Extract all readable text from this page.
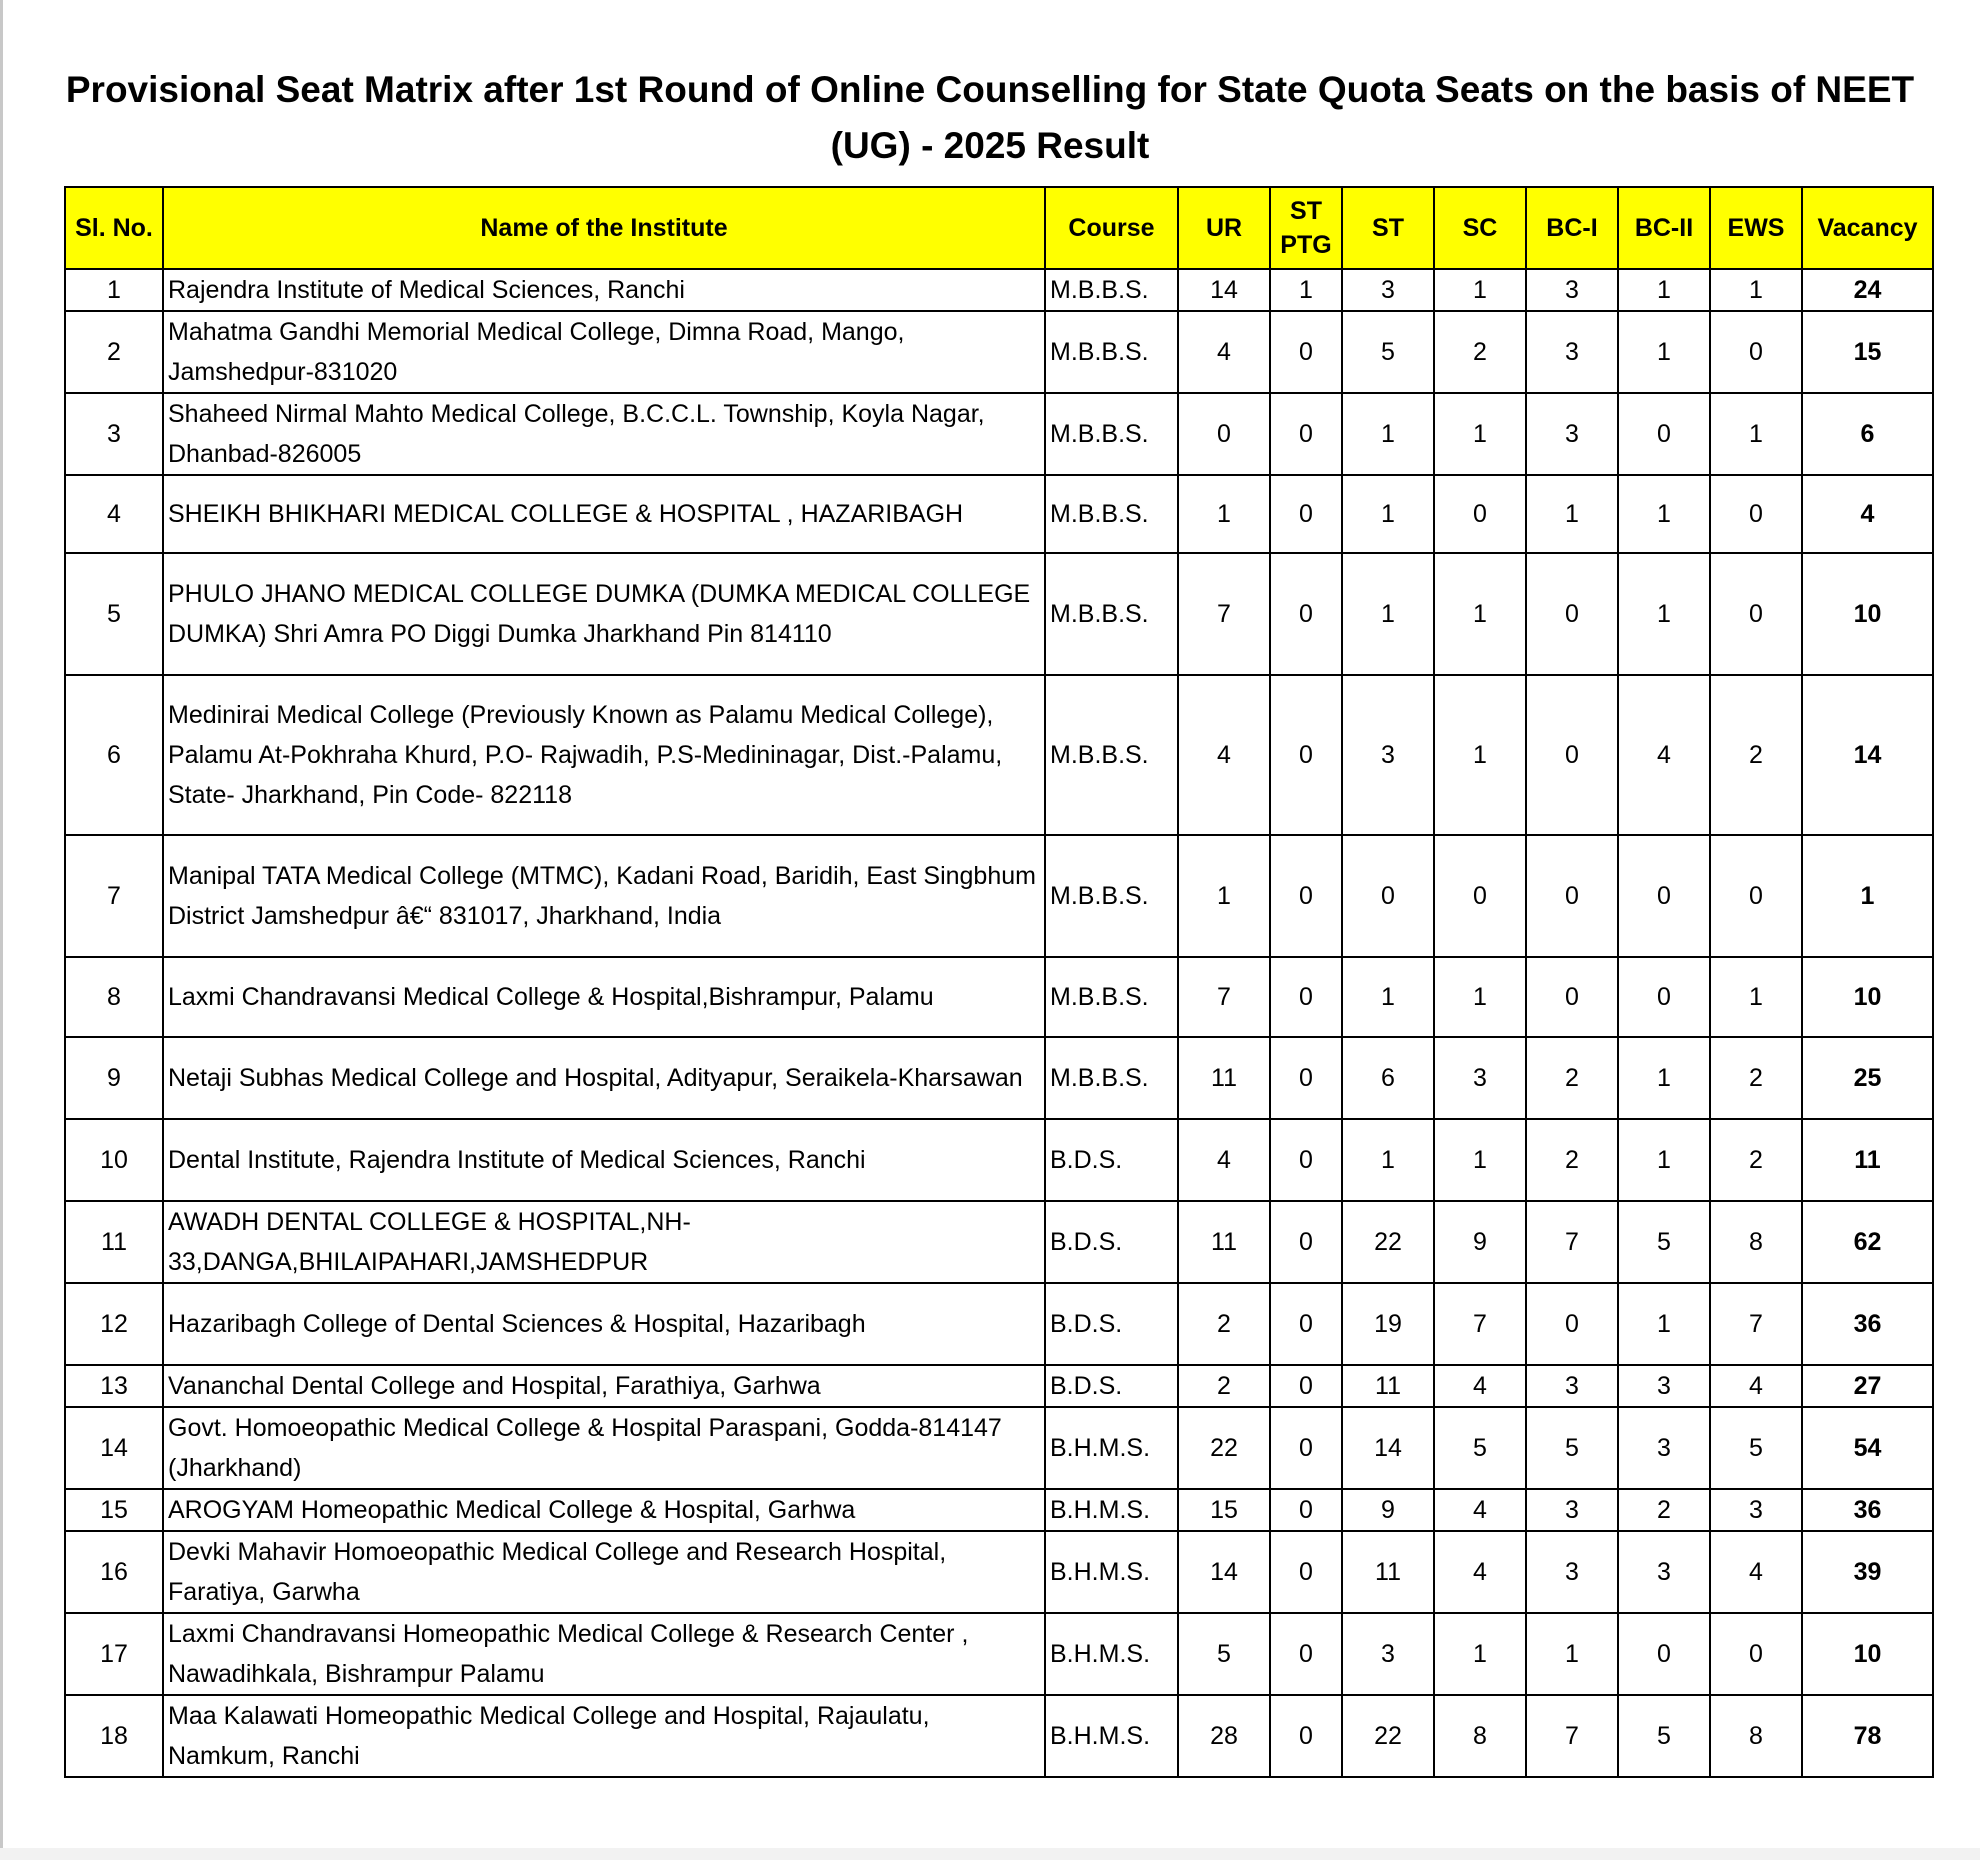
Provisional Seat Matrix after 1st Round of Online Counselling for State Quota Seats on the basis of NEET (UG) - 2025 Result
Sl. No.	Name of the Institute	Course	UR	ST PTG	ST	SC	BC-I	BC-II	EWS	Vacancy
1	Rajendra Institute of Medical Sciences, Ranchi	M.B.B.S.	14	1	3	1	3	1	1	24
2	Mahatma Gandhi Memorial Medical College, Dimna Road, Mango, Jamshedpur-831020	M.B.B.S.	4	0	5	2	3	1	0	15
3	Shaheed Nirmal Mahto Medical College, B.C.C.L. Township, Koyla Nagar, Dhanbad-826005	M.B.B.S.	0	0	1	1	3	0	1	6
4	SHEIKH BHIKHARI MEDICAL COLLEGE & HOSPITAL , HAZARIBAGH	M.B.B.S.	1	0	1	0	1	1	0	4
5	PHULO JHANO MEDICAL COLLEGE DUMKA (DUMKA MEDICAL COLLEGE DUMKA) Shri Amra PO Diggi Dumka Jharkhand Pin 814110	M.B.B.S.	7	0	1	1	0	1	0	10
6	Medinirai Medical College (Previously Known as Palamu Medical College), Palamu At-Pokhraha Khurd, P.O- Rajwadih, P.S-Medininagar, Dist.-Palamu, State- Jharkhand, Pin Code- 822118	M.B.B.S.	4	0	3	1	0	4	2	14
7	Manipal TATA Medical College (MTMC), Kadani Road, Baridih, East Singbhum District Jamshedpur â€“ 831017, Jharkhand, India	M.B.B.S.	1	0	0	0	0	0	0	1
8	Laxmi Chandravansi Medical College & Hospital,Bishrampur, Palamu	M.B.B.S.	7	0	1	1	0	0	1	10
9	Netaji Subhas Medical College and Hospital, Adityapur, Seraikela-Kharsawan	M.B.B.S.	11	0	6	3	2	1	2	25
10	Dental Institute, Rajendra Institute of Medical Sciences, Ranchi	B.D.S.	4	0	1	1	2	1	2	11
11	AWADH DENTAL COLLEGE & HOSPITAL,NH-33,DANGA,BHILAIPAHARI,JAMSHEDPUR	B.D.S.	11	0	22	9	7	5	8	62
12	Hazaribagh College of Dental Sciences & Hospital, Hazaribagh	B.D.S.	2	0	19	7	0	1	7	36
13	Vananchal Dental College and Hospital, Farathiya, Garhwa	B.D.S.	2	0	11	4	3	3	4	27
14	Govt. Homoeopathic Medical College & Hospital Paraspani, Godda-814147 (Jharkhand)	B.H.M.S.	22	0	14	5	5	3	5	54
15	AROGYAM Homeopathic Medical College & Hospital, Garhwa	B.H.M.S.	15	0	9	4	3	2	3	36
16	Devki Mahavir Homoeopathic Medical College and Research Hospital, Faratiya, Garwha	B.H.M.S.	14	0	11	4	3	3	4	39
17	Laxmi Chandravansi Homeopathic Medical College & Research Center , Nawadihkala, Bishrampur Palamu	B.H.M.S.	5	0	3	1	1	0	0	10
18	Maa Kalawati Homeopathic Medical College and Hospital, Rajaulatu, Namkum, Ranchi	B.H.M.S.	28	0	22	8	7	5	8	78
